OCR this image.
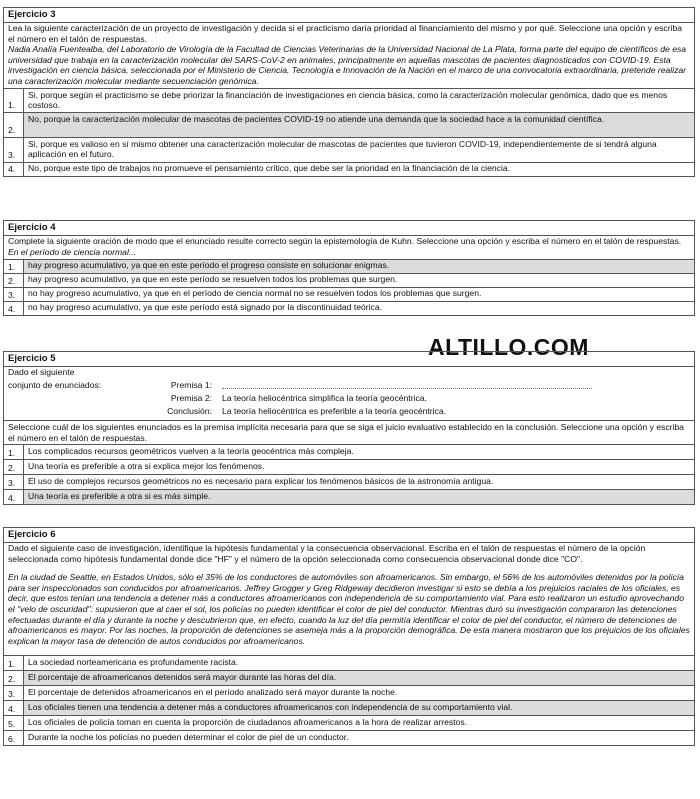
Ejercicio 3
Lea la siguiente caracterización de un proyecto de investigación y decida si el practicismo daría prioridad al financiamiento del mismo y por qué. Seleccione una opción y escriba el número en el talón de respuestas.
Nadia Analía Fuentealba, del Laboratorio de Virología de la Facultad de Ciencias Veterinarias de la Universidad Nacional de La Plata, forma parte del equipo de científicos de esa universidad que trabaja en la caracterización molecular del SARS-CoV-2 en animales, principalmente en aquellas mascotas de pacientes diagnosticados con COVID-19. Esta investigación en ciencia básica, seleccionada por el Ministerio de Ciencia, Tecnología e Innovación de la Nación en el marco de una convocatoria extraordinaria, pretende realizar una caracterización molecular mediante secuenciación genómica.
1.
Si, porque según el practicismo se debe priorizar la financiación de investigaciones en ciencia básica, como la caracterización molecular genómica, dado que es menos costoso.
2.
No, porque la caracterización molecular de mascotas de pacientes COVID-19 no atiende una demanda que la sociedad hace a la comunidad científica.
3.
Si, porque es valioso en sí mismo obtener una caracterización molecular de mascotas de pacientes que tuvieron COVID-19, independientemente de si tendrá alguna aplicación en el futuro.
4.	No, porque este tipo de trabajos no promueve el pensamiento crítico, que debe ser la prioridad en la financiación de la ciencia.
Ejercicio 4
Complete la siguiente oración de modo que el enunciado resulte correcto según la epistemología de Kuhn. Seleccione una opción y escriba el número en el talón de respuestas.
En el período de ciencia normal...
1.	hay progreso acumulativo, ya que en este período el progreso consiste en solucionar enigmas.
2.	hay progreso acumulativo, ya que en este período se resuelven todos los problemas que surgen.
3.	no hay progreso acumulativo, ya que en el período de ciencia normal no se resuelven todos los problemas que surgen.
4.	no hay progreso acumulativo, ya que este período está signado por la discontinuidad teórica.
ALTILLO.COM
Ejercicio 5
Dado el siguiente
conjunto de enunciados:	Premisa 1:
Premisa 2:	La teoría heliocéntrica simplifica la teoría geocéntrica.
Conclusión:	La teoría heliocéntrica es preferible a la teoría geocéntrica.
Seleccione cuál de los siguientes enunciados es la premisa implícita necesaria para que se siga el juicio evaluativo establecido en la conclusión. Seleccione una opción y escriba el número en el talón de respuestas.
1.	Los complicados recursos geométricos vuelven a la teoría geocéntrica más compleja.
2.	Una teoría es preferible a otra si explica mejor los fenómenos.
3.	El uso de complejos recursos geométricos no es necesario para explicar los fenómenos básicos de la astronomía antigua.
4.	Una teoría es preferible a otra si es más simple.
Ejercicio 6
Dado el siguiente caso de investigación, identifique la hipótesis fundamental y la consecuencia observacional. Escriba en el talón de respuestas el número de la opción seleccionada como hipótesis fundamental donde dice "HF" y el número de la opción seleccionada como consecuencia observacional donde dice "CO".
En la ciudad de Seattle, en Estados Unidos, sólo el 35% de los conductores de automóviles son afroamericanos. Sin embargo, el 56% de los automóviles detenidos por la policía para ser inspeccionados son conducidos por afroamericanos. Jeffrey Grogger y Greg Ridgeway decidieron investigar si esto se debía a los prejuicios raciales de los oficiales, es decir, que estos tenían una tendencia a detener más a conductores afroamericanos con independencia de su comportamiento vial. Para esto realizaron un estudio aprovechando el "velo de oscuridad": supusieron que al caer el sol, los policías no pueden identificar el color de piel del conductor. Mientras duró su investigación compararon las detenciones efectuadas durante el día y durante la noche y descubrieron que, en efecto, cuando la luz del día permitía identificar el color de piel del conductor, el número de detenciones de afroamericanos es mayor. Por las noches, la proporción de detenciones se asemeja más a la proporción demográfica. De esta manera mostraron que los prejuicios de los oficiales explican la mayor tasa de detención de autos conducidos por afroamericanos.
1.	La sociedad norteamericana es profundamente racista.
2.	El porcentaje de afroamericanos detenidos será mayor durante las horas del día.
3.	El porcentaje de detenidos afroamericanos en el período analizado será mayor durante la noche.
4.	Los oficiales tienen una tendencia a detener más a conductores afroamericanos con independencia de su comportamiento vial.
5.	Los oficiales de policía toman en cuenta la proporción de ciudadanos afroamericanos a la hora de realizar arrestos.
6.	Durante la noche los policías no pueden determinar el color de piel de un conductor.
